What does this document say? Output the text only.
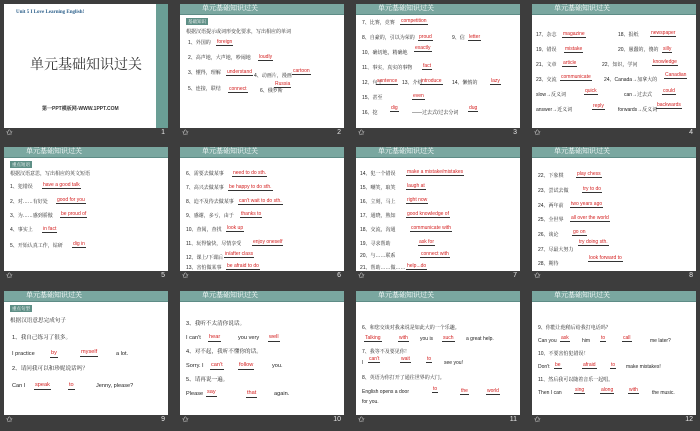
Unit 5 I Love Learning English!
单元基础知识过关
第一PPT模板网-WWW.1PPT.COM
✩	1
单元基础知识过关
基础知识
根据汉语提示或词形变化要求，写出相应的单词
1、外国的 foreign
2、高声地，大声地，吵闹地 loudly
3、懂得，理解 understand
4、动画片，漫画
cartoon
5、连接，联结 connect	6、俄罗斯
Russia
✩	2
单元基础知识过关
7、比赛，竞赛 competition
8、自豪的，引以为荣的 proud	9、信 letter
10、确切地，精确地
exactly
11、事实，真实的事物 fact
12、句子
sentence 13、介绍
introduce 14、懒惰的	lazy
15、甚至	even
16、挖
dig
——过去式/过去分词
dug
✩	3
单元基础知识过关
17、杂志 magazine	18、报纸 newspaper
19、错误 mistake	20、愚蠢的，傻的 silly
21、文章 article	22、知识，学问	knowledge
23、交流 communicate	24、Canada→加拿大的
Canadian
slow→反义词
quick
can→过去式
could
answer→近义词
reply
forwards→反义词
backwards
✩	4
单元基础知识过关
重点短语
根据汉语意思，写出相应的英文短语
1、犯错误 have a good talk
2、对……有好处 good for you
3、为……感到骄傲 be proud of
4、事实上 in fact
5、开始认真工作，钻研 dig in
✩	5
单元基础知识过关
6、需要去做某事 need to do sth.
7、高兴去做某事 be happy to do sth.
8、迫不及待去做某事 can't wait to do sth.
9、感谢，多亏，由于 thanks to
10、查阅，查找 look up
11、玩得愉快，尽情享受 enjoy oneself
12、课上/下课后
in/after class
13、害怕做某事 be afraid to do
✩	6
单元基础知识过关
14、犯一个错误 make a mistake/mistakes
15、嘲笑，取笑 laugh at
16、立刻，马上 right now
17、通晓，熟知 good knowledge of
18、交流，沟通	communicate with
19、寻求帮助	ask for
20、与……联系	connect with
21、帮助……做…… help...do
✩	7
单元基础知识过关
22、下象棋	play chess
23、尝试去做	try to do
24、两年前 two years ago
25、全世界 all over the world
26、谈论	go on
27、尽最大努力
try doing sth.
28、期待
look forward to
✩	8
单元基础知识过关
重点句型
根据汉语意思完成句子
1、我自己练习了很多。
I practice	by	myself	a lot.
2、请问我可以和珍妮说话吗？
Can I speak	to	Jenny, please?
✩	9
单元基础知识过关
3、我听不太清你说话。
I can't hear	you very well
4、对不起，我听不懂你的话。
Sorry. I can't	follow	you.
5、请再说一遍。
Please say	that	again.
✩	10
单元基础知识过关
6、和您交谈对我来说是如此大的一个乐趣。
Talking	with you is such a great help.
7、我等不及要见你！
I
can't	wait	to
see you!
8、英语为你打开了通往世界的大门。
English opens a door	to	the	world
for you.
✩	11
单元基础知识过关
9、你能让他稍后给我打电话吗？
Can you ask	him to	call	me later?
10、不要害怕犯错误！
Don't be	afraid	to make mistakes!
11、然后我可以随着音乐一起唱。
Then I can	sing	along	with	the music.
✩	12
